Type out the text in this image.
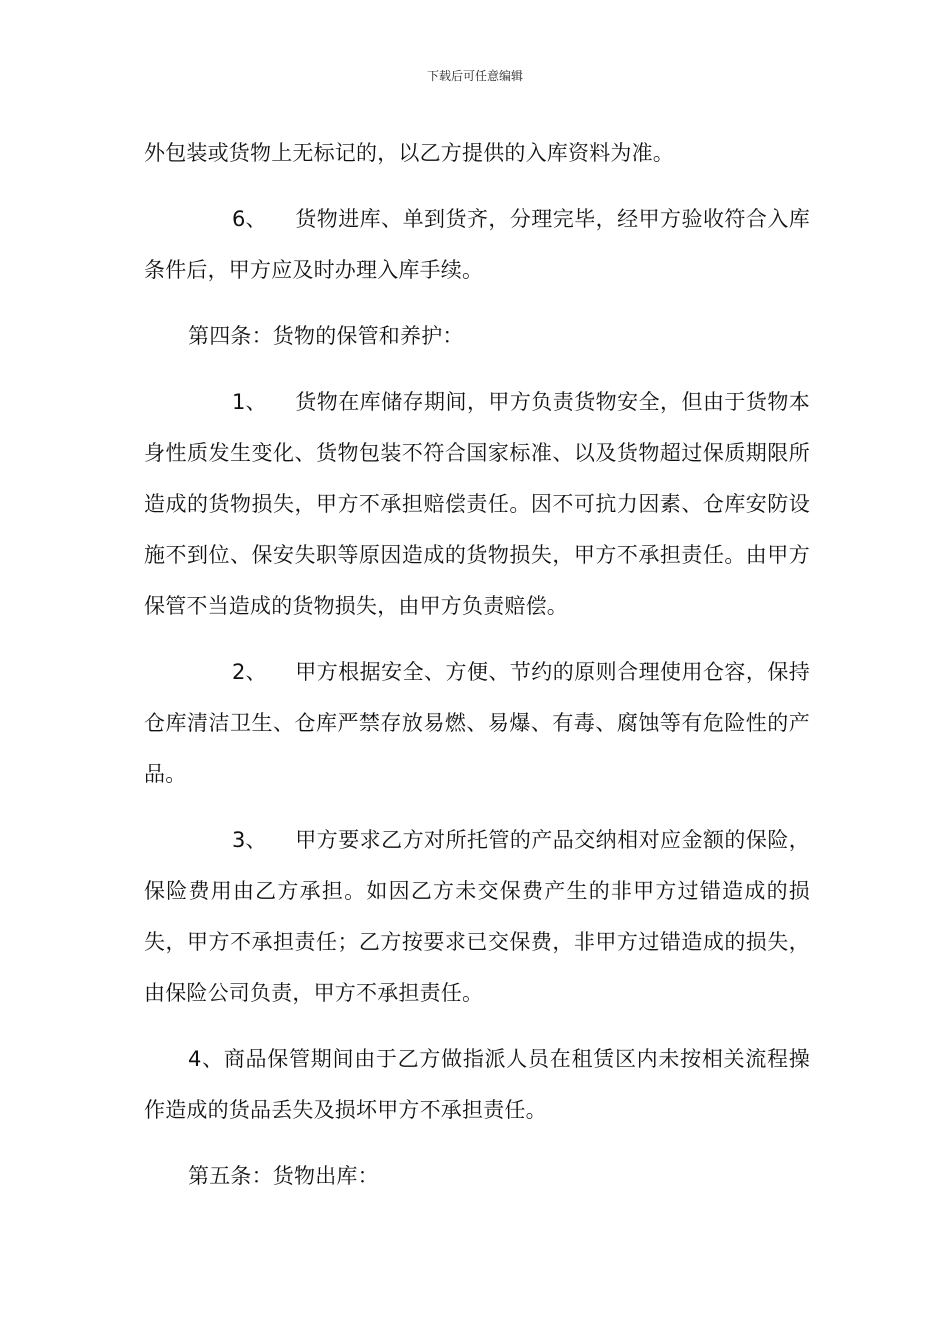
下载后可任意编辑

外包装或货物上无标记的，以乙方提供的入库资料为准。

6、 货物进库、单到货齐，分理完毕，经甲方验收符合入库条件后，甲方应及时办理入库手续。

第四条：货物的保管和养护：

1、 货物在库储存期间，甲方负责货物安全，但由于货物本身性质发生变化、货物包装不符合国家标准、以及货物超过保质期限所造成的货物损失，甲方不承担赔偿责任。因不可抗力因素、仓库安防设施不到位、保安失职等原因造成的货物损失，甲方不承担责任。由甲方保管不当造成的货物损失，由甲方负责赔偿。

2、 甲方根据安全、方便、节约的原则合理使用仓容，保持仓库清洁卫生、仓库严禁存放易燃、易爆、有毒、腐蚀等有危险性的产品。

3、 甲方要求乙方对所托管的产品交纳相对应金额的保险，保险费用由乙方承担。如因乙方未交保费产生的非甲方过错造成的损失，甲方不承担责任；乙方按要求已交保费，非甲方过错造成的损失，由保险公司负责，甲方不承担责任。

4、商品保管期间由于乙方做指派人员在租赁区内未按相关流程操作造成的货品丢失及损坏甲方不承担责任。

第五条：货物出库：
